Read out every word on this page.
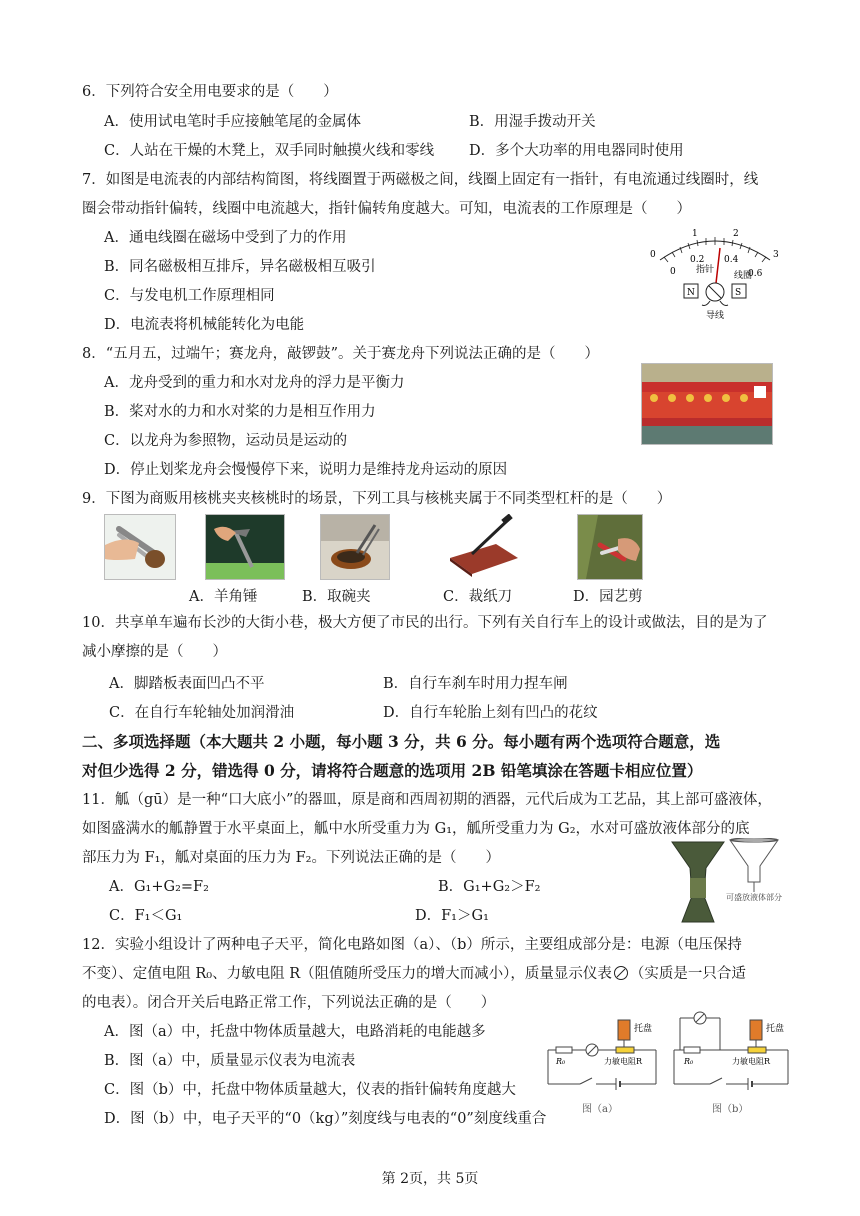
6．下列符合安全用电要求的是（　　）
A．使用试电笔时手应接触笔尾的金属体	B．用湿手拨动开关
C．人站在干燥的木凳上，双手同时触摸火线和零线 D．多个大功率的用电器同时使用
7．如图是电流表的内部结构简图，将线圈置于两磁极之间，线圈上固定有一指针，有电流通过线圈时，线
圈会带动指针偏转，线圈中电流越大，指针偏转角度越大。可知，电流表的工作原理是（　　）
A．通电线圈在磁场中受到了力的作用
B．同名磁极相互排斥，异名磁极相互吸引
C．与发电机工作原理相同
D．电流表将机械能转化为电能
0
1	2
3
0
0.2 0.4
0.6
指针
线圈
N	S
导线
8．“五月五，过端午；赛龙舟，敲锣鼓”。关于赛龙舟下列说法正确的是（　　）
A．龙舟受到的重力和水对龙舟的浮力是平衡力
B．桨对水的力和水对桨的力是相互作用力
C．以龙舟为参照物，运动员是运动的
D．停止划桨龙舟会慢慢停下来，说明力是维持龙舟运动的原因
9．下图为商贩用核桃夹夹核桃时的场景，下列工具与核桃夹属于不同类型杠杆的是（　　）
A．羊角锤	B．取碗夹	C．裁纸刀	D．园艺剪
10．共享单车遍布长沙的大街小巷，极大方便了市民的出行。下列有关自行车上的设计或做法，目的是为了
减小摩擦的是（　　）
A．脚踏板表面凹凸不平	B．自行车刹车时用力捏车闸
C．在自行车轮轴处加润滑油	D．自行车轮胎上刻有凹凸的花纹
二、多项选择题（本大题共 2 小题，每小题 3 分，共 6 分。每小题有两个选项符合题意，选
对但少选得 2 分，错选得 0 分，请将符合题意的选项用 2B 铅笔填涂在答题卡相应位置）
11．觚（gū）是一种“口大底小”的器皿，原是商和西周初期的酒器，元代后成为工艺品，其上部可盛液体，
如图盛满水的觚静置于水平桌面上，觚中水所受重力为 G₁，觚所受重力为 G₂，水对可盛放液体部分的底
部压力为 F₁，觚对桌面的压力为 F₂。下列说法正确的是（　　）
A．G₁+G₂=F₂	B．G₁+G₂＞F₂
C．F₁＜G₁	D．F₁＞G₁
可盛放液体部分
12．实验小组设计了两种电子天平，简化电路如图（a）、（b）所示，主要组成部分是：电源（电压保持
不变）、定值电阻 R₀、力敏电阻 R（阻值随所受压力的增大而减小），质量显示仪表 （实质是一只合适
的电表）。闭合开关后电路正常工作，下列说法正确的是（　　）
A．图（a）中，托盘中物体质量越大，电路消耗的电能越多
B．图（a）中，质量显示仪表为电流表
C．图（b）中，托盘中物体质量越大，仪表的指针偏转角度越大
D．图（b）中，电子天平的“0（kg）”刻度线与电表的“0”刻度线重合
托盘
R₀	力敏电阻R
图（a）
托盘
R₀	力敏电阻R
图（b）
第 2页，共 5页
